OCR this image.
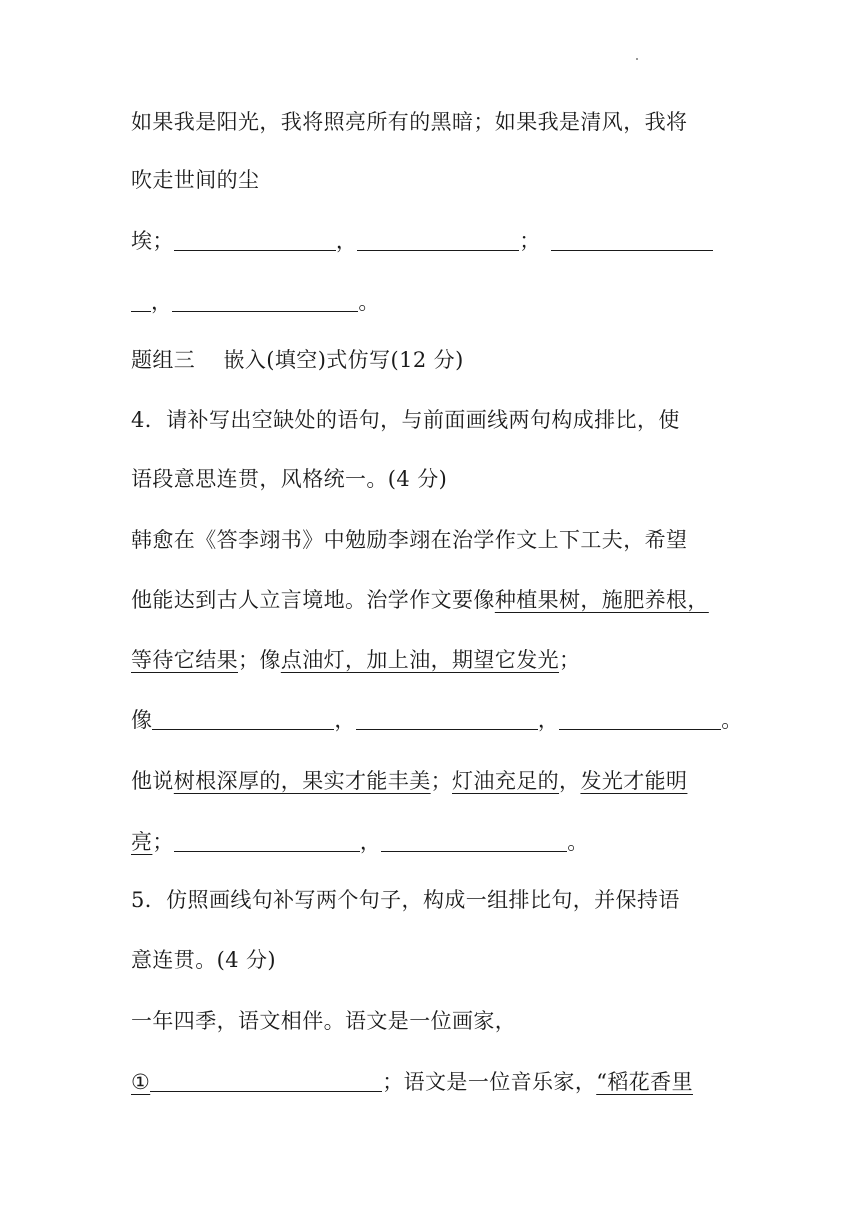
如果我是阳光，我将照亮所有的黑暗；如果我是清风，我将
吹走世间的尘
埃；	，	；
，	。
题组三    嵌入(填空)式仿写(12 分)
4．请补写出空缺处的语句，与前面画线两句构成排比，使
语段意思连贯，风格统一。(4 分)
韩愈在《答李翊书》中勉励李翊在治学作文上下工夫，希望
他能达到古人立言境地。治学作文要像种植果树，施肥养根，
等待它结果；像点油灯，加上油，期望它发光；
像	，	，	。
他说树根深厚的，果实才能丰美；灯油充足的，发光才能明
亮；	，	。
5．仿照画线句补写两个句子，构成一组排比句，并保持语
意连贯。(4 分)
一年四季，语文相伴。语文是一位画家，
①	；语文是一位音乐家，“稻花香里
